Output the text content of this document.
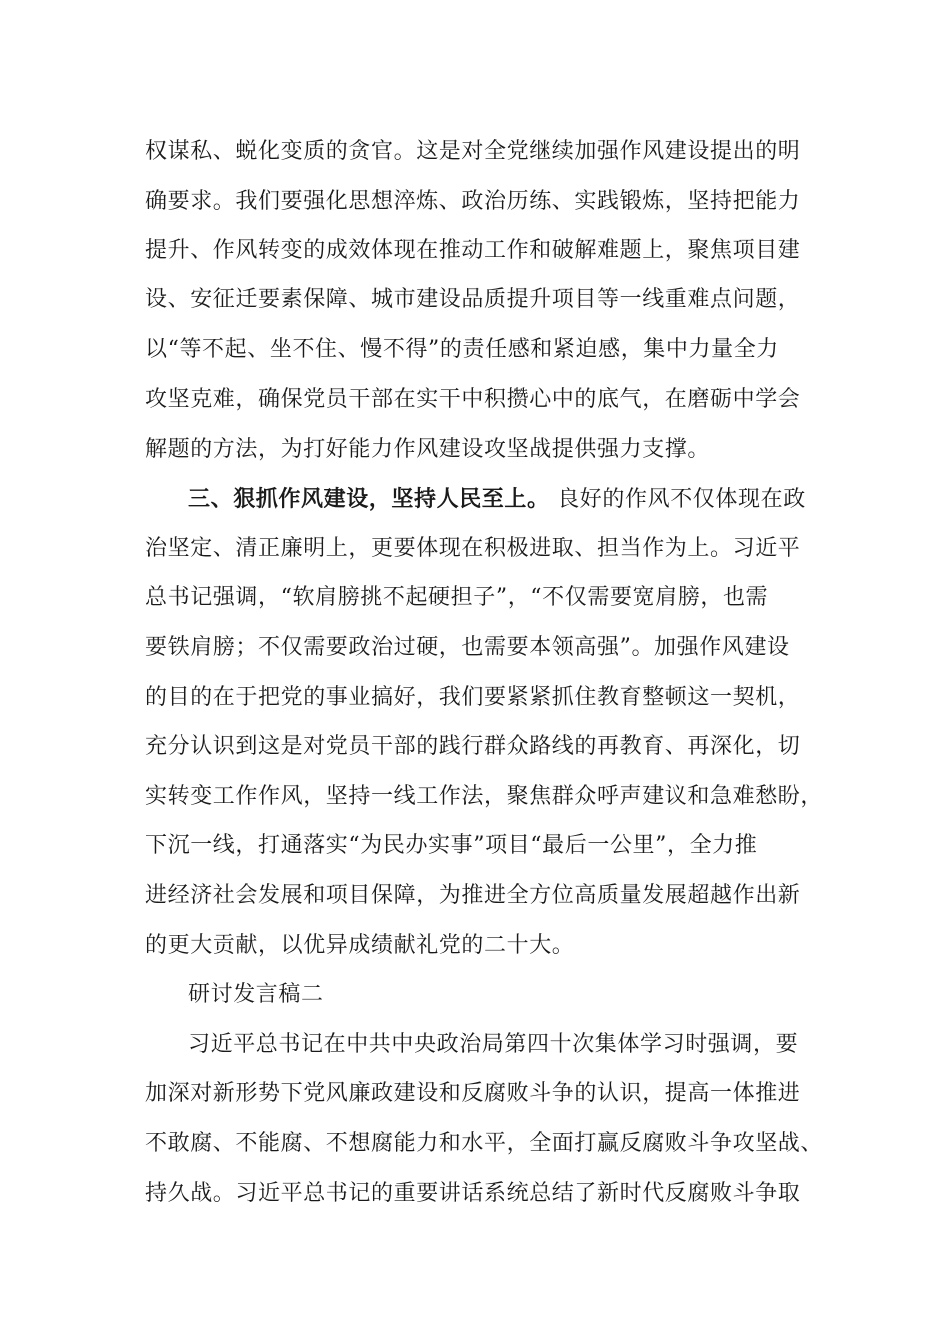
权谋私、蜕化变质的贪官。这是对全党继续加强作风建设提出的明
确要求。我们要强化思想淬炼、政治历练、实践锻炼，坚持把能力
提升、作风转变的成效体现在推动工作和破解难题上，聚焦项目建
设、安征迁要素保障、城市建设品质提升项目等一线重难点问题，
以“等不起、坐不住、慢不得”的责任感和紧迫感，集中力量全力
攻坚克难，确保党员干部在实干中积攒心中的底气，在磨砺中学会
解题的方法，为打好能力作风建设攻坚战提供强力支撑。
三、狠抓作风建设，坚持人民至上。 良好的作风不仅体现在政
治坚定、清正廉明上，更要体现在积极进取、担当作为上。习近平
总书记强调，“软肩膀挑不起硬担子”，“不仅需要宽肩膀，也需
要铁肩膀；不仅需要政治过硬，也需要本领高强”。加强作风建设
的目的在于把党的事业搞好，我们要紧紧抓住教育整顿这一契机，
充分认识到这是对党员干部的践行群众路线的再教育、再深化，切
实转变工作作风，坚持一线工作法，聚焦群众呼声建议和急难愁盼，
下沉一线，打通落实“为民办实事”项目“最后一公里”，全力推
进经济社会发展和项目保障，为推进全方位高质量发展超越作出新
的更大贡献，以优异成绩献礼党的二十大。
研讨发言稿二
习近平总书记在中共中央政治局第四十次集体学习时强调，要
加深对新形势下党风廉政建设和反腐败斗争的认识，提高一体推进
不敢腐、不能腐、不想腐能力和水平，全面打赢反腐败斗争攻坚战、
持久战。习近平总书记的重要讲话系统总结了新时代反腐败斗争取
